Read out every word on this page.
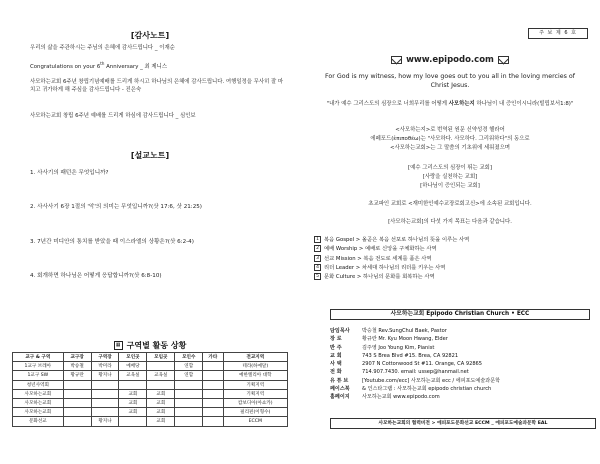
[감사노트]
우리의 삶을 주관하시는 주님의 은혜에 감사드립니다 _ 이재순
Congratulations on your 6th Anniversary _ 최 제니스
사모하는교회 6주년 창립기념예배를 드리게 하시고 하나님의 은혜에 감사드립니다. 여행일정을 무사히 잘 마치고 귀가하게 해 주심을 감사드립니다 - 진은숙
사모하는교회 창립 6주년 예배를 드리게 하심에 감사드립니다 _ 심인보
[설교노트]
1. 사사기의 패턴은 무엇입니까?
2. 사사사기 6장 1절의 '악'의 의미는 무엇입니까?(삿 17:6, 삿 21:25)
3. 7년간 미디안의 통치를 받았을 때 이스라엘의 상황은?(삿 6:2-4)
4. 회개하면 하나님은 어떻게 응답합니까?(삿 6:8-10)
▦ 구역별 활동 상황
교구 & 구역	교구장	구역장	모인곳	모임곳	모인수	가타	전교지역
1교구 브레아	박승철	박미라	예배당		연합		테라(하예달)
1교구 SW	황규란	황지나	교육실	교육실	연합		예한엘리아 대학
청년사역회							기획지역
사모하는교회			교회	교회			기획지역
사모하는교회			교회	교회			캄보디아(아쇼카)
사모하는교회			교회	교회			필리핀(이형수)
문화선교		황지나		교회			ECCM
주 보 제 6 호
www.epipodo.com
For God is my witness, how my love goes out to you all in the loving mercies of Christ Jesus.
"내가 예수 그리스도의 심장으로 너희무리를 어떻게 사모하는지 하나님이 내 증인이시니라(빌립보서1:8)"
<사모하는지>로 번역된 원문 신약성경 헬라어
에페포드(ἐπιποθέω)는 "사모하다. 사모하다. 그리워하다"의 동으로
<사모하는교회>는 그 말씀의 기초위에 세워졌으며
[예수 그리스도의 심장이 뛰는 교회]
[사랑을 실천하는 교회]
[하나님이 증인되는 교회]
초교파인 교회로 <재미한인예수교장로회고신>에 소속된 교회입니다.
[사모하는교회]의 다섯 가지 목표는 다음과 같습니다.
1 복음 Gospel > 올곧은 복음 선포로 하나님의 뜻을 이루는 사역
2 예배 Worship > 예배로 신앙을 구체화하는 사역
3 선교 Mission > 복음 전도로 세계를 품은 사역
4 리더 Leader > 차세대 하나님의 리더를 키우는 사역
5 문화 Culture > 하나님의 문화를 회복하는 사역
사모하는교회 Epipodo Christian Church • ECC
담임목사	박승철 Rev.SungChul Baek, Pastor
장 로	황규란 Mr. Kyu Moon Hwang, Elder
반 주	김주영 Joo Young Kim, Pianist
교 회	743 S Brea Blvd #15. Brea, CA 92821
사 택	2907 N Cottonwood St #11. Orange, CA 92865
전 화	714.907.7430. email: ussep@hanmail.net
유 튜 브	[Youtube.com/ecc] 사모하는교회 ecc / 에피포도예술과문학
페이스북	& 인스타그램 : 사모하는교회 epipodo christian church
홈페이지	사모하는교회 www.epipodo.com
사모하는교회의 협력비전 > 에피포도문화선교 ECCM _ 에피포도예술과문학 EAL
